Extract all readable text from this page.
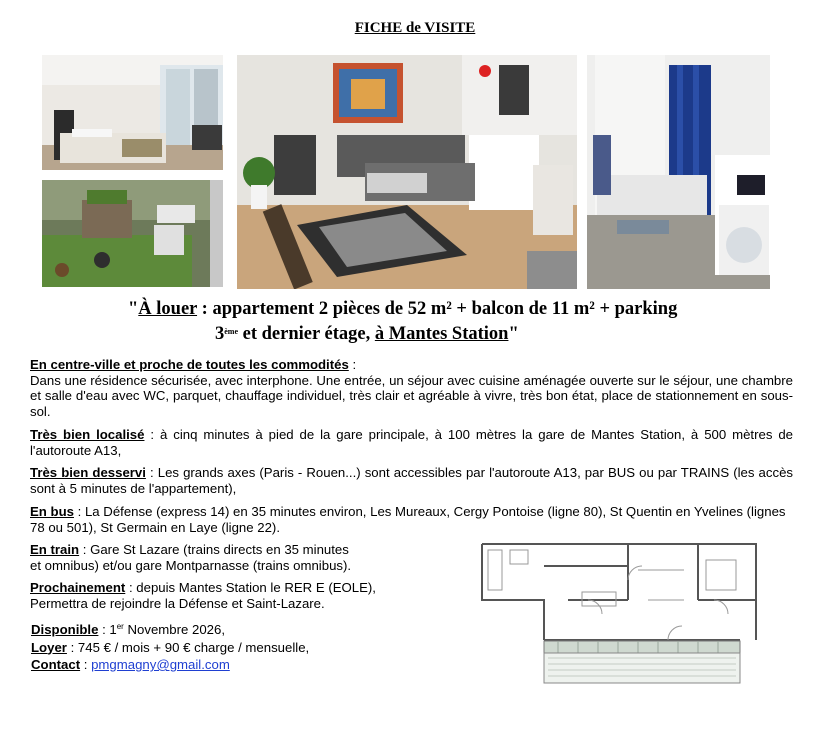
FICHE de VISITE
"À louer : appartement 2 pièces de 52 m² + balcon de 11 m² + parking
3ème et dernier étage, à Mantes Station"
En centre-ville et proche de toutes les commodités :
Dans une résidence sécurisée, avec interphone. Une entrée, un séjour avec cuisine aménagée ouverte sur le séjour, une chambre et salle d'eau avec WC, parquet, chauffage individuel, très clair et agréable à vivre, très bon état, place de stationnement en sous-sol.
Très bien localisé : à cinq minutes à pied de la gare principale, à 100 mètres la gare de Mantes Station, à 500 mètres de l'autoroute A13,
Très bien desservi : Les grands axes (Paris - Rouen...) sont accessibles par l'autoroute A13, par BUS ou par TRAINS (les accès sont à 5 minutes de l'appartement),
En bus : La Défense (express 14) en 35 minutes environ, Les Mureaux, Cergy Pontoise (ligne 80), St Quentin en Yvelines (lignes 78 ou 501), St Germain en Laye (ligne 22).
En train : Gare St Lazare (trains directs en 35 minutes
et omnibus) et/ou gare Montparnasse (trains omnibus).
Prochainement : depuis Mantes Station le RER E (EOLE),
Permettra de rejoindre la Défense et Saint-Lazare.
Disponible : 1er Novembre 2026,
Loyer : 745 € / mois + 90 € charge / mensuelle,
Contact : pmgmagny@gmail.com
